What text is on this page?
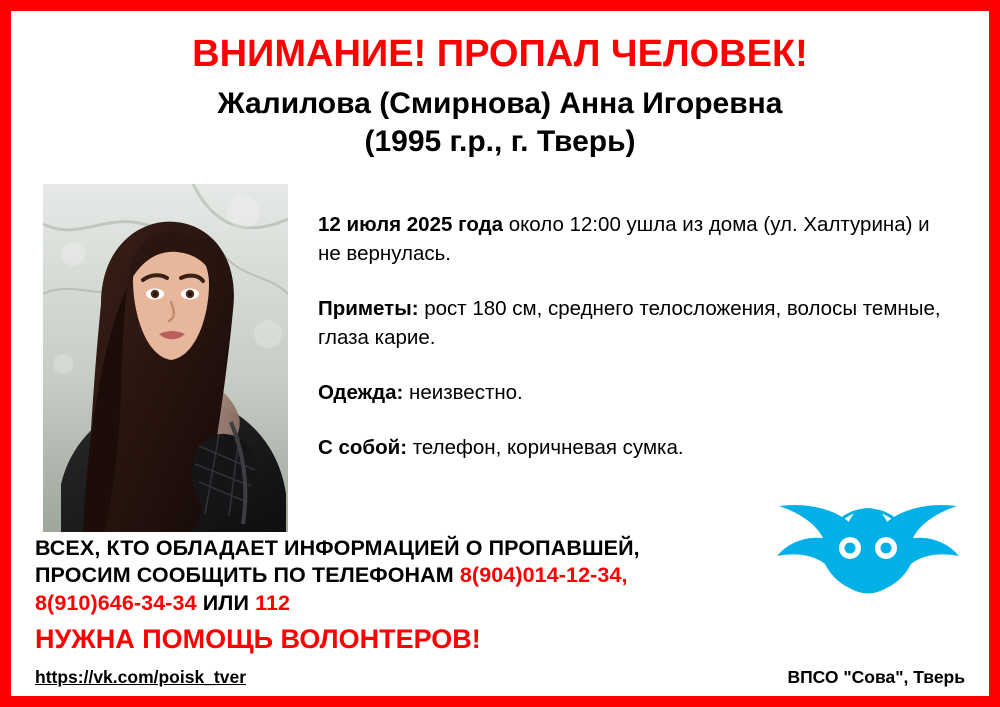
ВНИМАНИЕ! ПРОПАЛ ЧЕЛОВЕК!
Жалилова (Смирнова) Анна Игоревна
(1995 г.р., г. Тверь)

12 июля 2025 года около 12:00 ушла из дома (ул. Халтурина) и не вернулась.

Приметы: рост 180 см, среднего телосложения, волосы темные, глаза карие.

Одежда: неизвестно.

С собой: телефон, коричневая сумка.

ВСЕХ, КТО ОБЛАДАЕТ ИНФОРМАЦИЕЙ О ПРОПАВШЕЙ,
ПРОСИМ СООБЩИТЬ ПО ТЕЛЕФОНАМ 8(904)014-12-34,
8(910)646-34-34 ИЛИ 112
НУЖНА ПОМОЩЬ ВОЛОНТЕРОВ!
https://vk.com/poisk_tver	ВПСО "Сова", Тверь
